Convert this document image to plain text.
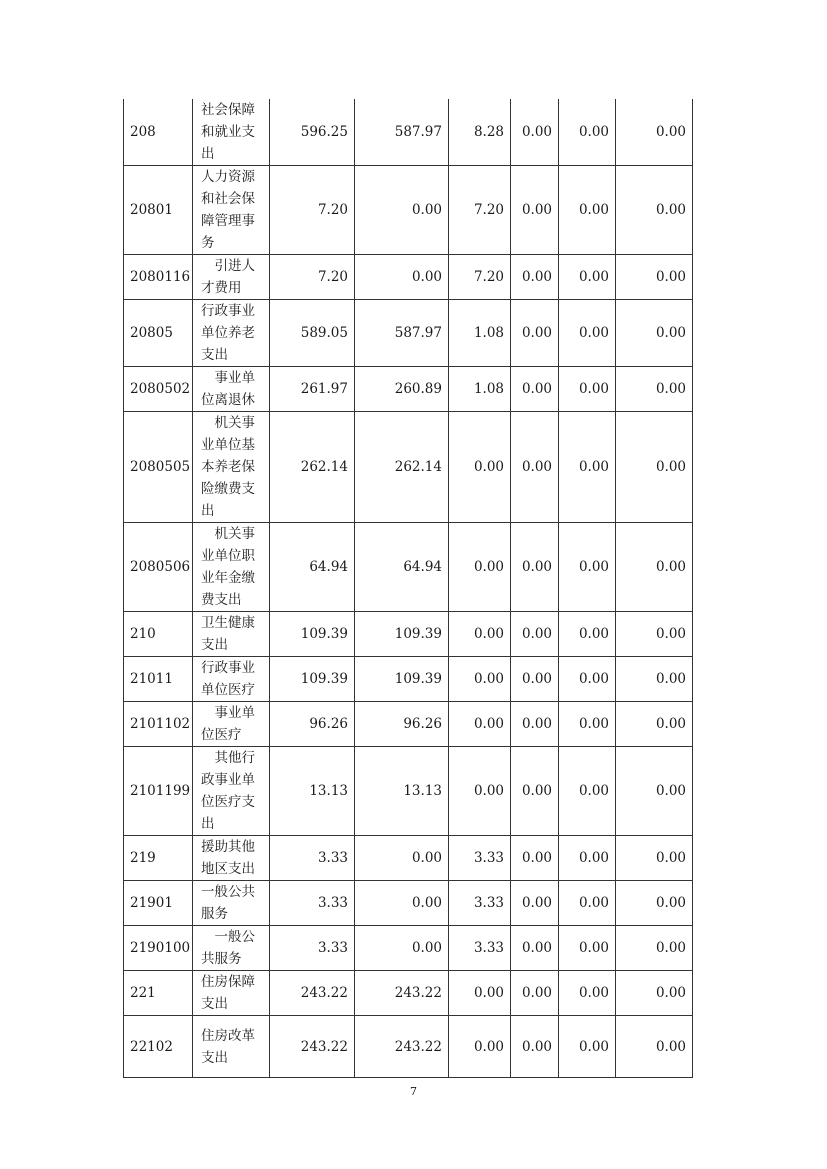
208	社会保障和就业支出	596.25	587.97	8.28	0.00	0.00	0.00
20801	人力资源和社会保障管理事务	7.20	0.00	7.20	0.00	0.00	0.00
2080116	引进人才费用	7.20	0.00	7.20	0.00	0.00	0.00
20805	行政事业单位养老支出	589.05	587.97	1.08	0.00	0.00	0.00
2080502	事业单位离退休	261.97	260.89	1.08	0.00	0.00	0.00
2080505	机关事业单位基本养老保险缴费支出	262.14	262.14	0.00	0.00	0.00	0.00
2080506	机关事业单位职业年金缴费支出	64.94	64.94	0.00	0.00	0.00	0.00
210	卫生健康支出	109.39	109.39	0.00	0.00	0.00	0.00
21011	行政事业单位医疗	109.39	109.39	0.00	0.00	0.00	0.00
2101102	事业单位医疗	96.26	96.26	0.00	0.00	0.00	0.00
2101199	其他行政事业单位医疗支出	13.13	13.13	0.00	0.00	0.00	0.00
219	援助其他地区支出	3.33	0.00	3.33	0.00	0.00	0.00
21901	一般公共服务	3.33	0.00	3.33	0.00	0.00	0.00
2190100	一般公共服务	3.33	0.00	3.33	0.00	0.00	0.00
221	住房保障支出	243.22	243.22	0.00	0.00	0.00	0.00
22102	住房改革支出	243.22	243.22	0.00	0.00	0.00	0.00
7
